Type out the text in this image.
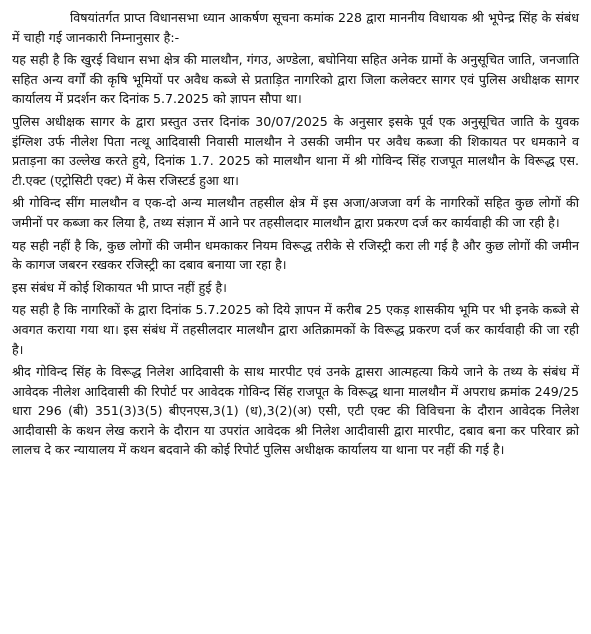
विषयांतर्गत प्राप्त विधानसभा ध्यान आकर्षण सूचना कमांक 228 द्वारा माननीय विधायक श्री भूपेन्द्र सिंह के संबंध में चाही गई जानकारी निम्नानुसार है:-

यह सही है कि खुरई विधान सभा क्षेत्र की मालथौन, गंगउ, अण्डेला, बघोनिया सहित अनेक ग्रामों के अनुसूचित जाति, जनजाति सहित अन्य वर्गों की कृषि भूमियों पर अवैध कब्जे से प्रताड़ित नागरिको द्वारा जिला कलेक्टर सागर एवं पुलिस अधीक्षक सागर कार्यालय में प्रदर्शन कर दिनांक 5.7.2025 को ज्ञापन सौपा था।

पुलिस अधीक्षक सागर के द्वारा प्रस्तुत उत्तर दिनांक 30/07/2025 के अनुसार इसके पूर्व एक अनुसूचित जाति के युवक इंग्लिश उर्फ नीलेश पिता नत्थू आदिवासी निवासी मालथौन ने उसकी जमीन पर अवैध कब्जा की शिकायत पर धमकाने व प्रताड़ना का उल्लेख करते हुये, दिनांक 1.7. 2025 को मालथौन थाना में श्री गोविन्द सिंह राजपूत मालथौन के विरूद्ध एस. टी.एक्ट (एट्रोसिटी एक्ट) में केस रजिस्टर्ड हुआ था।

श्री गोविन्द सींग मालथौन व एक-दो अन्य मालथौन तहसील क्षेत्र में इस अजा/अजजा वर्ग के नागरिकों सहित कुछ लोगों की जमीनों पर कब्जा कर लिया है, तथ्य संज्ञान में आने पर तहसीलदार मालथौन द्वारा प्रकरण दर्ज कर कार्यवाही की जा रही है।

यह सही नहीं है कि, कुछ लोगों की जमीन धमकाकर नियम विरूद्ध तरीके से रजिस्ट्री करा ली गई है और कुछ लोगों की जमीन के कागज जबरन रखकर रजिस्ट्री का दबाव बनाया जा रहा है।

इस संबंध में कोई शिकायत भी प्राप्त नहीं हुई है।

यह सही है कि नागरिकों के द्वारा दिनांक 5.7.2025 को दिये ज्ञापन में करीब 25 एकड़ शासकीय भूमि पर भी इनके कब्जे से अवगत कराया गया था। इस संबंध में तहसीलदार मालथौन द्वारा अतिक्रामकों के विरूद्ध प्रकरण दर्ज कर कार्यवाही की जा रही है।

श्रीद गोविन्द सिंह के विरूद्ध निलेश आदिवासी के साथ मारपीट एवं उनके द्वासरा आत्महत्या किये जाने के तथ्य के संबंध में आवेदक नीलेश आदिवासी की रिपोर्ट पर आवेदक गोविन्द सिंह राजपूत के विरूद्ध थाना मालथौन में अपराध क्रमांक 249/25 धारा 296 (बी) 351(3)3(5) बीएनएस,3(1) (ध),3(2)(अ) एसी, एटी एक्ट की विविचना के दौरान आवेदक निलेश आदीवासी के कथन लेख कराने के दौरान या उपरांत आवेदक श्री निलेश आदीवासी द्वारा मारपीट, दबाव बना कर परिवार क्रो लालच दे कर न्यायालय में कथन बदवाने की कोई रिपोर्ट पुलिस अधीक्षक कार्यालय या थाना पर नहीं की गई है।
